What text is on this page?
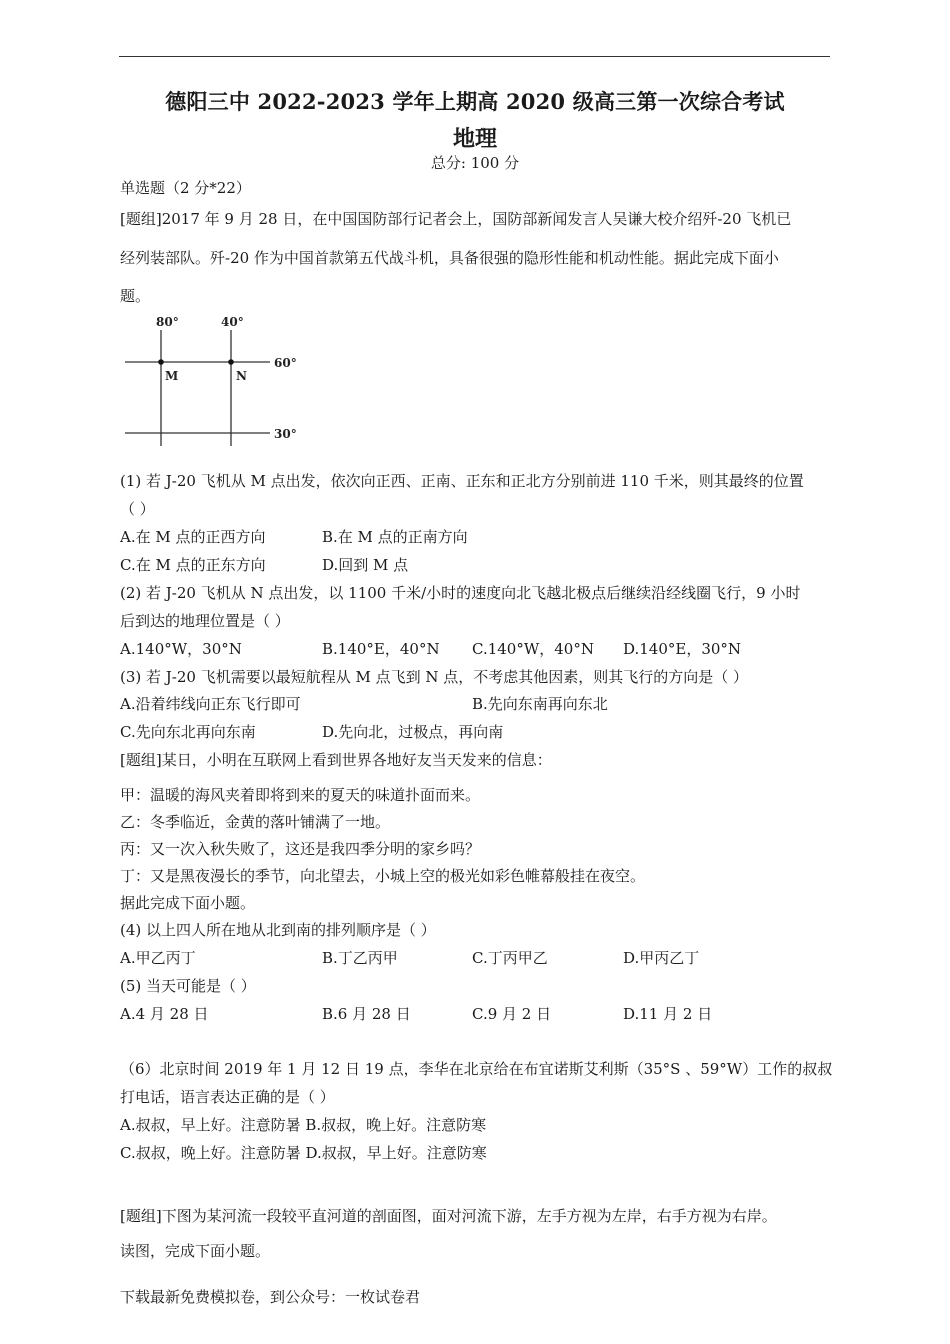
德阳三中 2022-2023 学年上期高 2020 级高三第一次综合考试
地理
总分: 100 分
单选题（2 分*22）
[题组]2017 年 9 月 28 日，在中国国防部行记者会上，国防部新闻发言人吴谦大校介绍歼-20 飞机已
经列装部队。歼-20 作为中国首款第五代战斗机，具备很强的隐形性能和机动性能。据此完成下面小
题。
80°	40°
60°
30°
M	N
(1) 若 J-20 飞机从 M 点出发，依次向正西、正南、正东和正北方分别前进 110 千米，则其最终的位置
（ ）
A.在 M 点的正西方向	B.在 M 点的正南方向
C.在 M 点的正东方向	D.回到 M 点
(2) 若 J-20 飞机从 N 点出发，以 1100 千米/小时的速度向北飞越北极点后继续沿经线圈飞行，9 小时
后到达的地理位置是（ ）
A.140°W，30°N	B.140°E，40°N C.140°W，40°N D.140°E，30°N
(3) 若 J-20 飞机需要以最短航程从 M 点飞到 N 点，不考虑其他因素，则其飞行的方向是（ ）
A.沿着纬线向正东飞行即可	B.先向东南再向东北
C.先向东北再向东南	D.先向北，过极点，再向南
[题组]某日，小明在互联网上看到世界各地好友当天发来的信息：
甲：温暖的海风夹着即将到来的夏天的味道扑面而来。
乙：冬季临近，金黄的落叶铺满了一地。
丙：又一次入秋失败了，这还是我四季分明的家乡吗？
丁：又是黑夜漫长的季节，向北望去，小城上空的极光如彩色帷幕般挂在夜空。
据此完成下面小题。
(4) 以上四人所在地从北到南的排列顺序是（ ）
A.甲乙丙丁	B.丁乙丙甲	C.丁丙甲乙	D.甲丙乙丁
(5) 当天可能是（ ）
A.4 月 28 日	B.6 月 28 日	C.9 月 2 日	D.11 月 2 日
（6）北京时间 2019 年 1 月 12 日 19 点，李华在北京给在布宜诺斯艾利斯（35°S 、59°W）工作的叔叔
打电话，语言表达正确的是（ ）
A.叔叔，早上好。注意防暑 B.叔叔，晚上好。注意防寒
C.叔叔，晚上好。注意防暑 D.叔叔，早上好。注意防寒
[题组]下图为某河流一段较平直河道的剖面图，面对河流下游，左手方视为左岸，右手方视为右岸。
读图，完成下面小题。
下载最新免费模拟卷，到公众号：一枚试卷君
